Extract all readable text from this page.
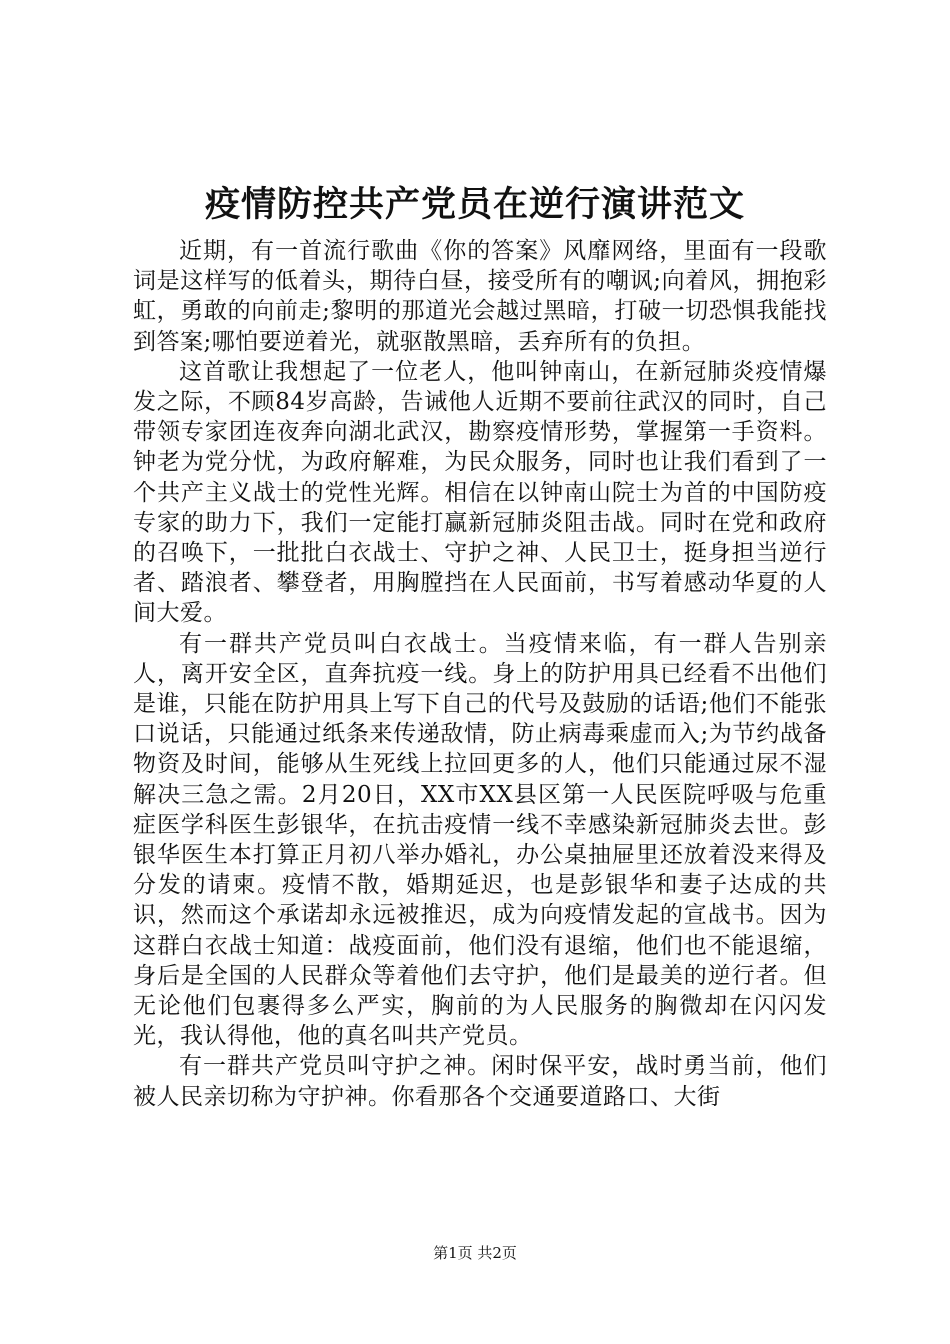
疫情防控共产党员在逆行演讲范文

近期，有一首流行歌曲《你的答案》风靡网络，里面有一段歌词是这样写的低着头，期待白昼，接受所有的嘲讽;向着风，拥抱彩虹，勇敢的向前走;黎明的那道光会越过黑暗，打破一切恐惧我能找到答案;哪怕要逆着光，就驱散黑暗，丢弃所有的负担。

这首歌让我想起了一位老人，他叫钟南山，在新冠肺炎疫情爆发之际，不顾84岁高龄，告诫他人近期不要前往武汉的同时，自己带领专家团连夜奔向湖北武汉，勘察疫情形势，掌握第一手资料。钟老为党分忧，为政府解难，为民众服务，同时也让我们看到了一个共产主义战士的党性光辉。相信在以钟南山院士为首的中国防疫专家的助力下，我们一定能打赢新冠肺炎阻击战。同时在党和政府的召唤下，一批批白衣战士、守护之神、人民卫士，挺身担当逆行者、踏浪者、攀登者，用胸膛挡在人民面前，书写着感动华夏的人间大爱。

有一群共产党员叫白衣战士。当疫情来临，有一群人告别亲人，离开安全区，直奔抗疫一线。身上的防护用具已经看不出他们是谁，只能在防护用具上写下自己的代号及鼓励的话语;他们不能张口说话，只能通过纸条来传递敌情，防止病毒乘虚而入;为节约战备物资及时间，能够从生死线上拉回更多的人，他们只能通过尿不湿解决三急之需。2月20日，XX市XX县区第一人民医院呼吸与危重症医学科医生彭银华，在抗击疫情一线不幸感染新冠肺炎去世。彭银华医生本打算正月初八举办婚礼，办公桌抽屉里还放着没来得及分发的请柬。疫情不散，婚期延迟，也是彭银华和妻子达成的共识，然而这个承诺却永远被推迟，成为向疫情发起的宣战书。因为这群白衣战士知道：战疫面前，他们没有退缩，他们也不能退缩，身后是全国的人民群众等着他们去守护，他们是最美的逆行者。但无论他们包裹得多么严实，胸前的为人民服务的胸微却在闪闪发光，我认得他，他的真名叫共产党员。

有一群共产党员叫守护之神。闲时保平安，战时勇当前，他们被人民亲切称为守护神。你看那各个交通要道路口、大街

第1页 共2页
